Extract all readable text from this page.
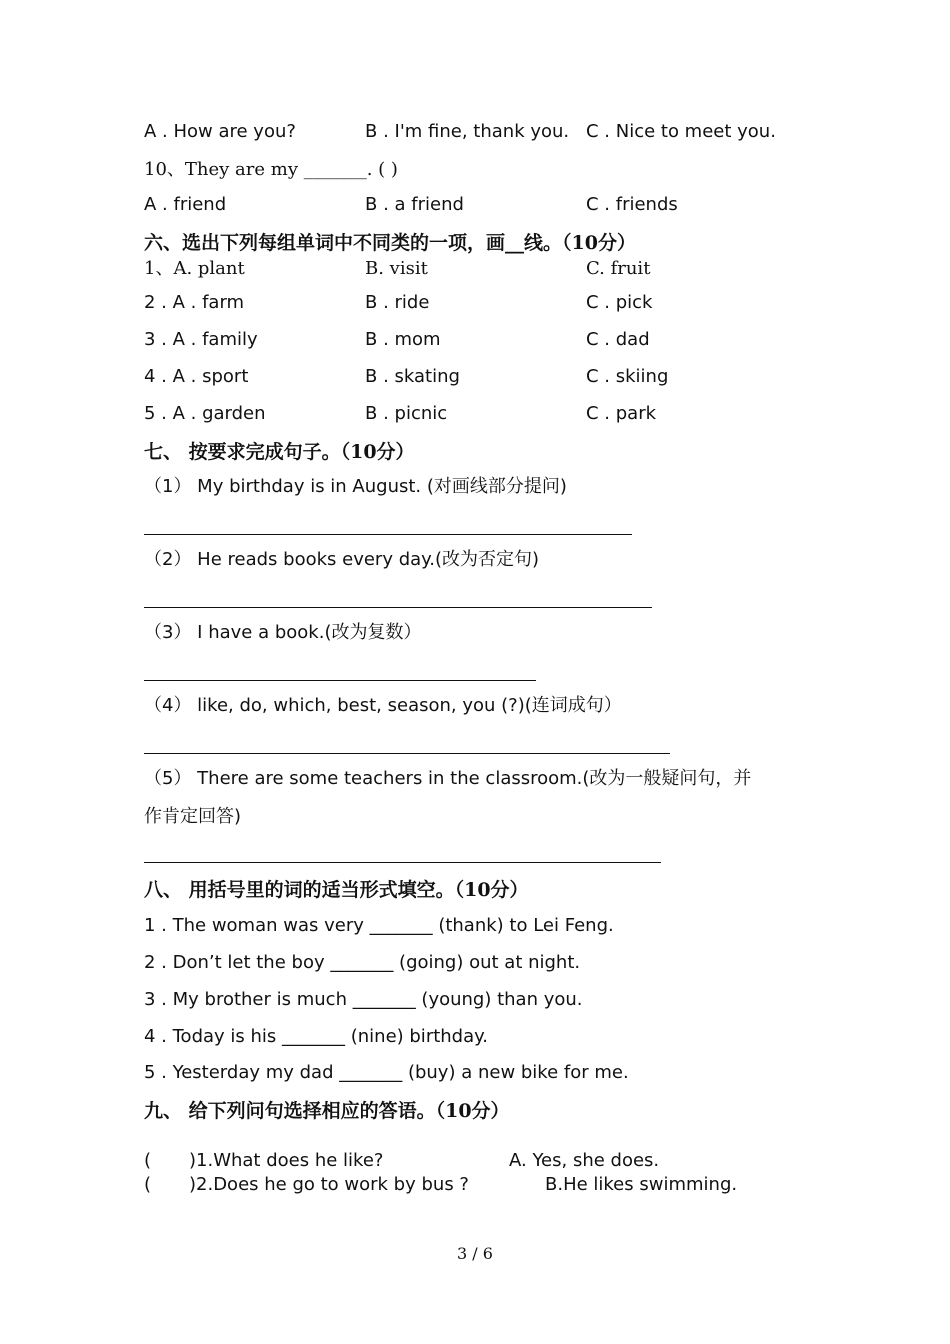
A . How are you?	B . I'm fine, thank you. C . Nice to meet you.
10、They are my _______. ( )
A . friend	B . a friend	C . friends
六、选出下列每组单词中不同类的一项，画__线。（10分）
1、A. plant	B. visit	C. fruit
2 . A . farm	B . ride	C . pick
3 . A . family	B . mom	C . dad
4 . A . sport	B . skating	C . skiing
5 . A . garden	B . picnic	C . park
七、 按要求完成句子。（10分）
（1） My birthday is in August. (对画线部分提问)
（2） He reads books every day.(改为否定句)
（3） I have a book.(改为复数）
（4） like, do, which, best, season, you (?)(连词成句）
（5） There are some teachers in the classroom.(改为一般疑问句，并
作肯定回答)
八、 用括号里的词的适当形式填空。（10分）
1 . The woman was very _______ (thank) to Lei Feng.
2 . Don’t let the boy _______ (going) out at night.
3 . My brother is much _______ (young) than you.
4 . Today is his _______ (nine) birthday.
5 . Yesterday my dad _______ (buy) a new bike for me.
九、 给下列问句选择相应的答语。（10分）
( )1.What does he like?	A. Yes, she does.
( )2.Does he go to work by bus ?	B.He likes swimming.
3 / 6
